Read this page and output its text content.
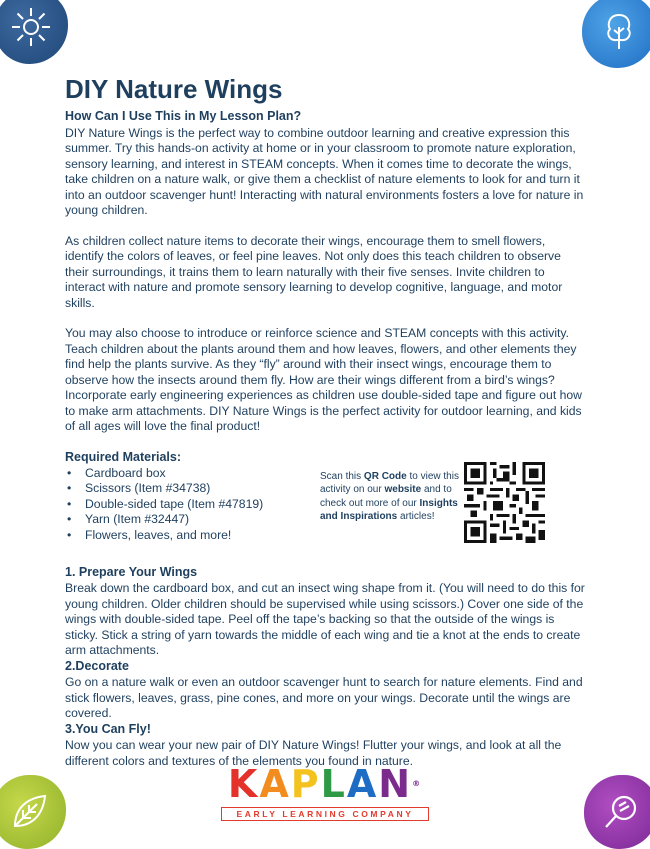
DIY Nature Wings
How Can I Use This in My Lesson Plan?

DIY Nature Wings is the perfect way to combine outdoor learning and creative expression this summer. Try this hands-on activity at home or in your classroom to promote nature exploration, sensory learning, and interest in STEAM concepts. When it comes time to decorate the wings, take children on a nature walk, or give them a checklist of nature elements to look for and turn it into an outdoor scavenger hunt! Interacting with natural environments fosters a love for nature in young children.

As children collect nature items to decorate their wings, encourage them to smell flowers, identify the colors of leaves, or feel pine leaves. Not only does this teach children to observe their surroundings, it trains them to learn naturally with their five senses. Invite children to interact with nature and promote sensory learning to develop cognitive, language, and motor skills.

You may also choose to introduce or reinforce science and STEAM concepts with this activity. Teach children about the plants around them and how leaves, flowers, and other elements they find help the plants survive. As they “fly” around with their insect wings, encourage them to observe how the insects around them fly. How are their wings different from a bird’s wings? Incorporate early engineering experiences as children use double-sided tape and figure out how to make arm attachments. DIY Nature Wings is the perfect activity for outdoor learning, and kids of all ages will love the final product!

Required Materials:
• Cardboard box
• Scissors (Item #34738)
• Double-sided tape (Item #47819)
• Yarn (Item #32447)
• Flowers, leaves, and more!
Scan this QR Code to view this activity on our website and to check out more of our Insights and Inspirations articles!
1. Prepare Your Wings

Break down the cardboard box, and cut an insect wing shape from it. (You will need to do this for young children. Older children should be supervised while using scissors.) Cover one side of the wings with double-sided tape. Peel off the tape’s backing so that the outside of the wings is sticky. Stick a string of yarn towards the middle of each wing and tie a knot at the ends to create arm attachments.

2.Decorate

Go on a nature walk or even an outdoor scavenger hunt to search for nature elements. Find and stick flowers, leaves, grass, pine cones, and more on your wings. Decorate until the wings are covered.

3.You Can Fly!

Now you can wear your new pair of DIY Nature Wings! Flutter your wings, and look at all the different colors and textures of the elements you found in nature.

KAPLAN®
EARLY LEARNING COMPANY
